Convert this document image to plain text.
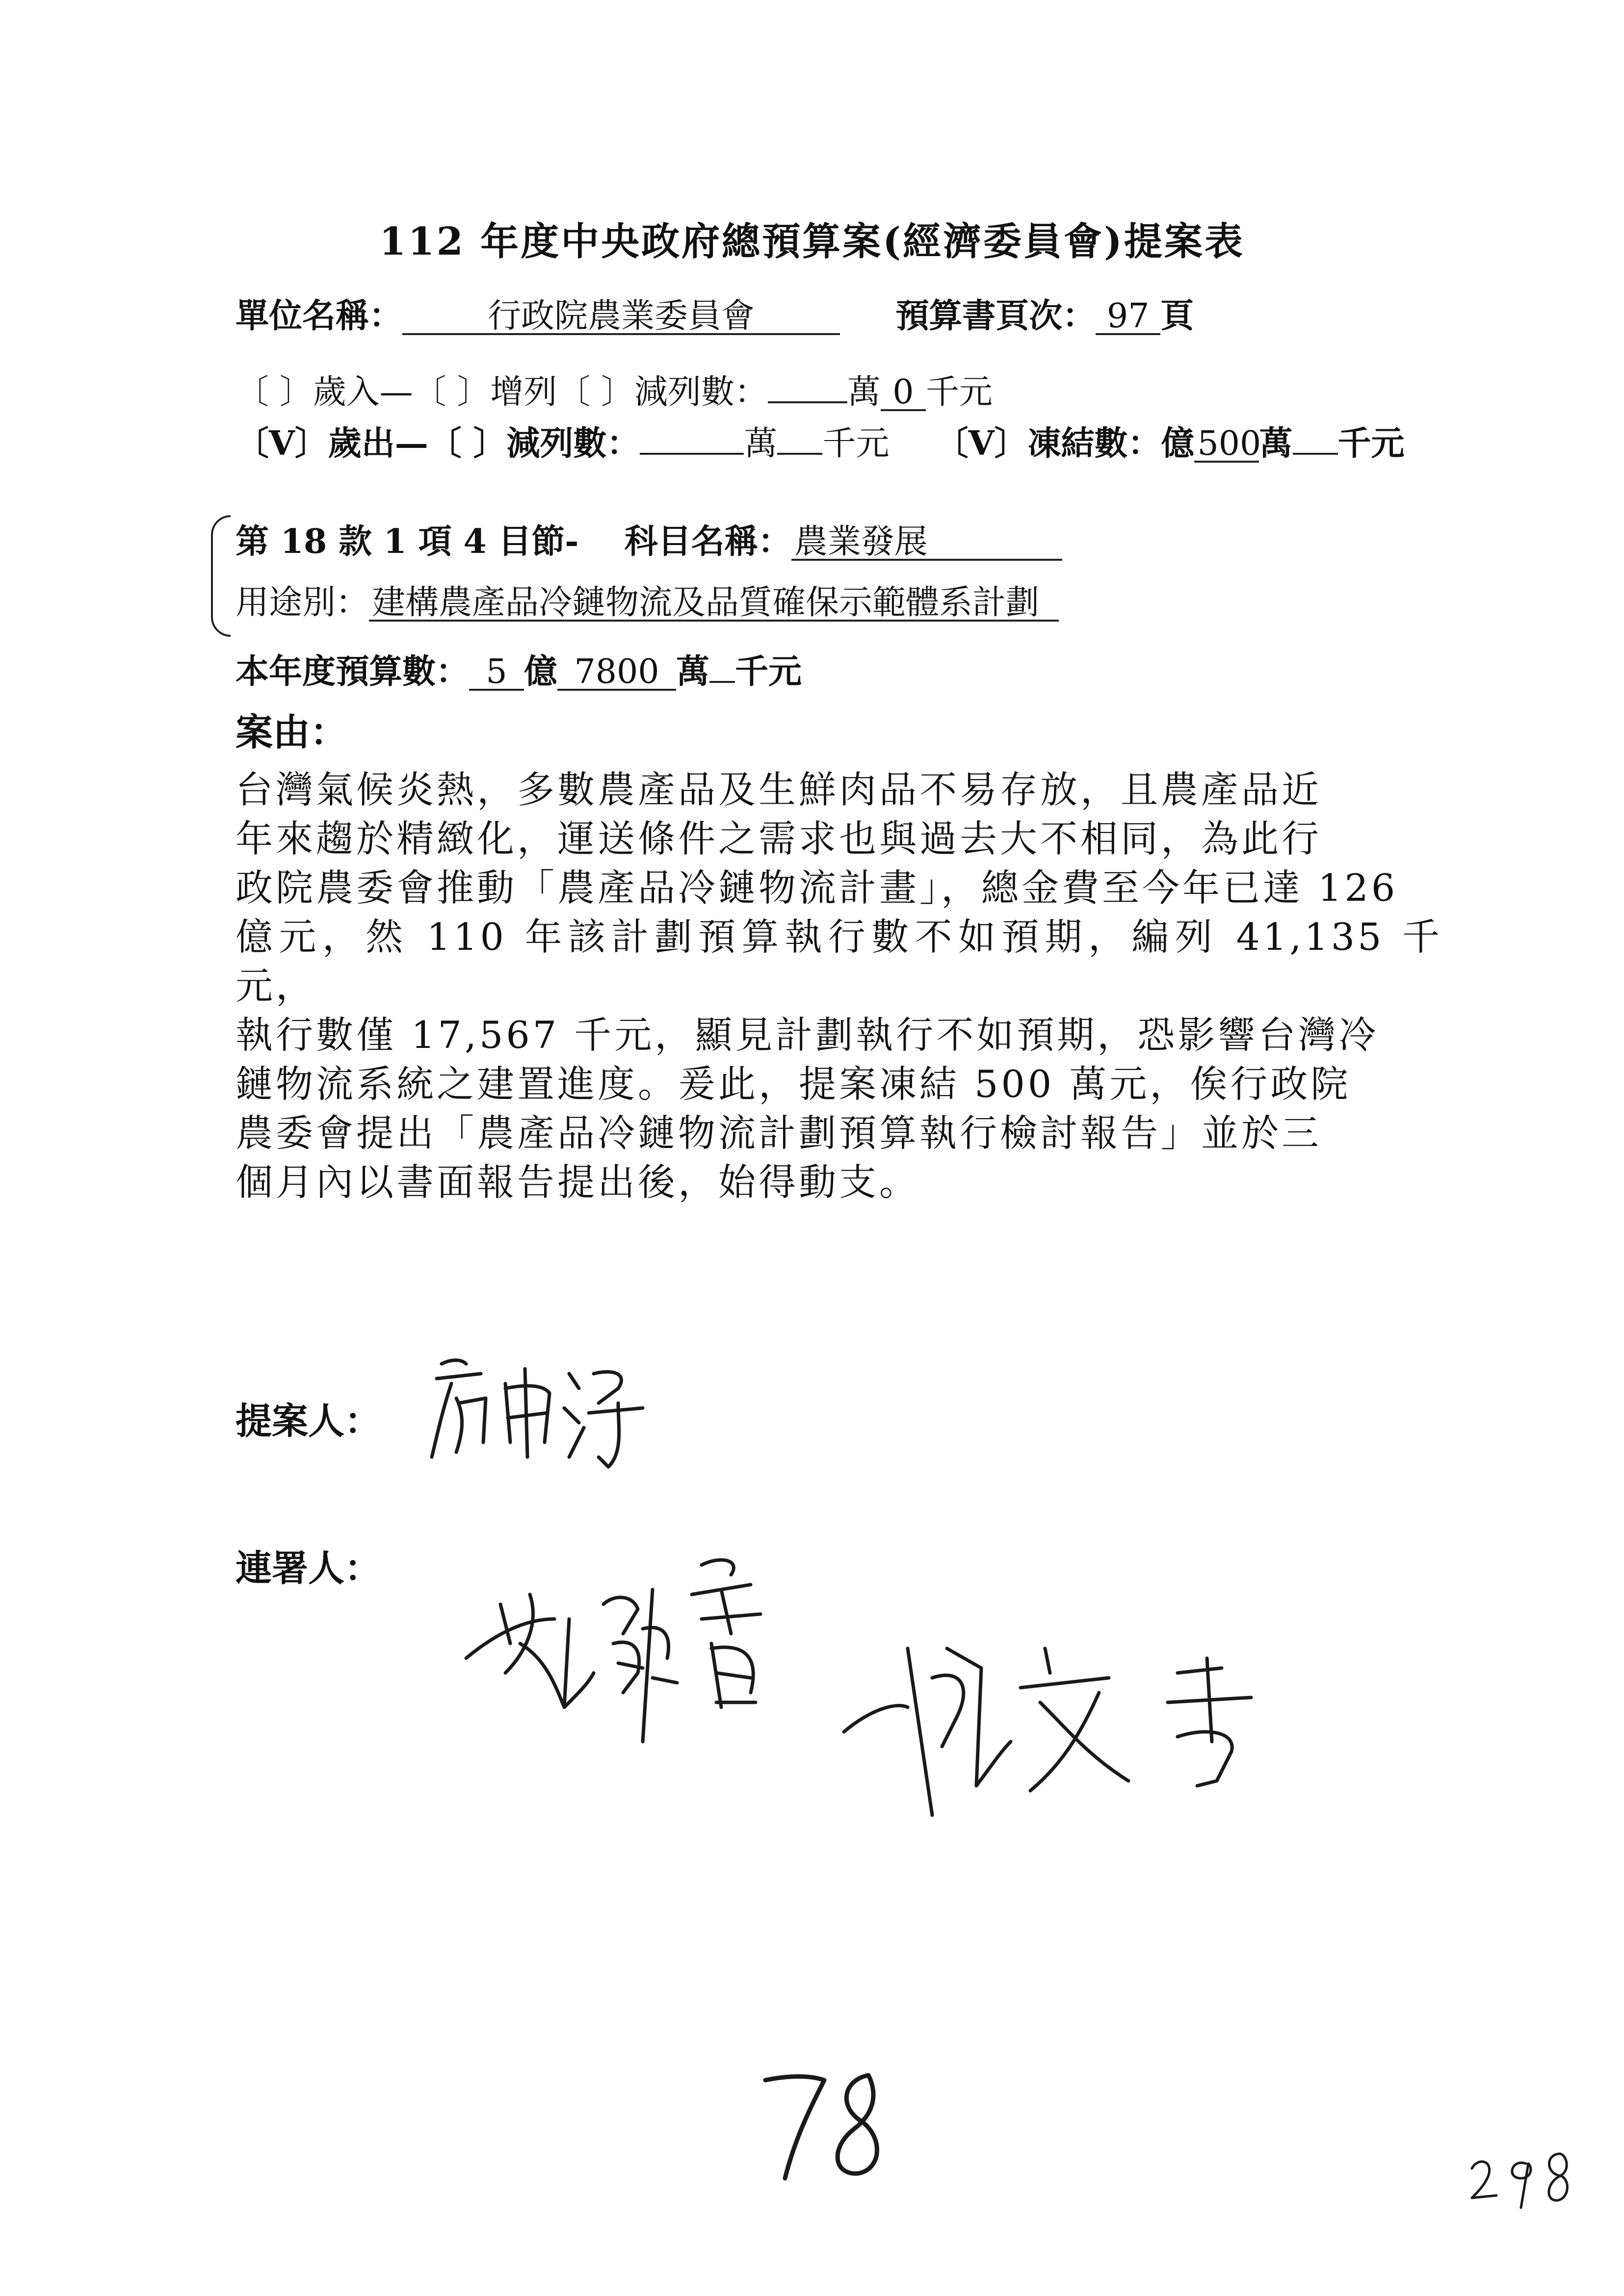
112 年度中央政府總預算案(經濟委員會)提案表
單位名稱：	行政院農業委員會	預算書頁次： 97 頁
〔 〕歲入—〔 〕增列〔 〕減列數： 萬 0 千元
〔V〕歲出—〔 〕減列數：	萬 千元 〔V〕凍結數：億500萬 千元
第 18 款 1 項 4 目節- 科目名稱：農業發展
用途別：建構農產品冷鏈物流及品質確保示範體系計劃
本年度預算數： 5 億 7800 萬 千元
案由：

台灣氣候炎熱，多數農產品及生鮮肉品不易存放，且農產品近

年來趨於精緻化，運送條件之需求也與過去大不相同，為此行

政院農委會推動「農產品冷鏈物流計畫」，總金費至今年已達 126

億元，然 110 年該計劃預算執行數不如預期，編列 41,135 千元，

執行數僅 17,567 千元，顯見計劃執行不如預期，恐影響台灣冷

鏈物流系統之建置進度。爰此，提案凍結 500 萬元，俟行政院

農委會提出「農產品冷鏈物流計劃預算執行檢討報告」並於三

個月內以書面報告提出後，始得動支。

提案人：
連署人：
